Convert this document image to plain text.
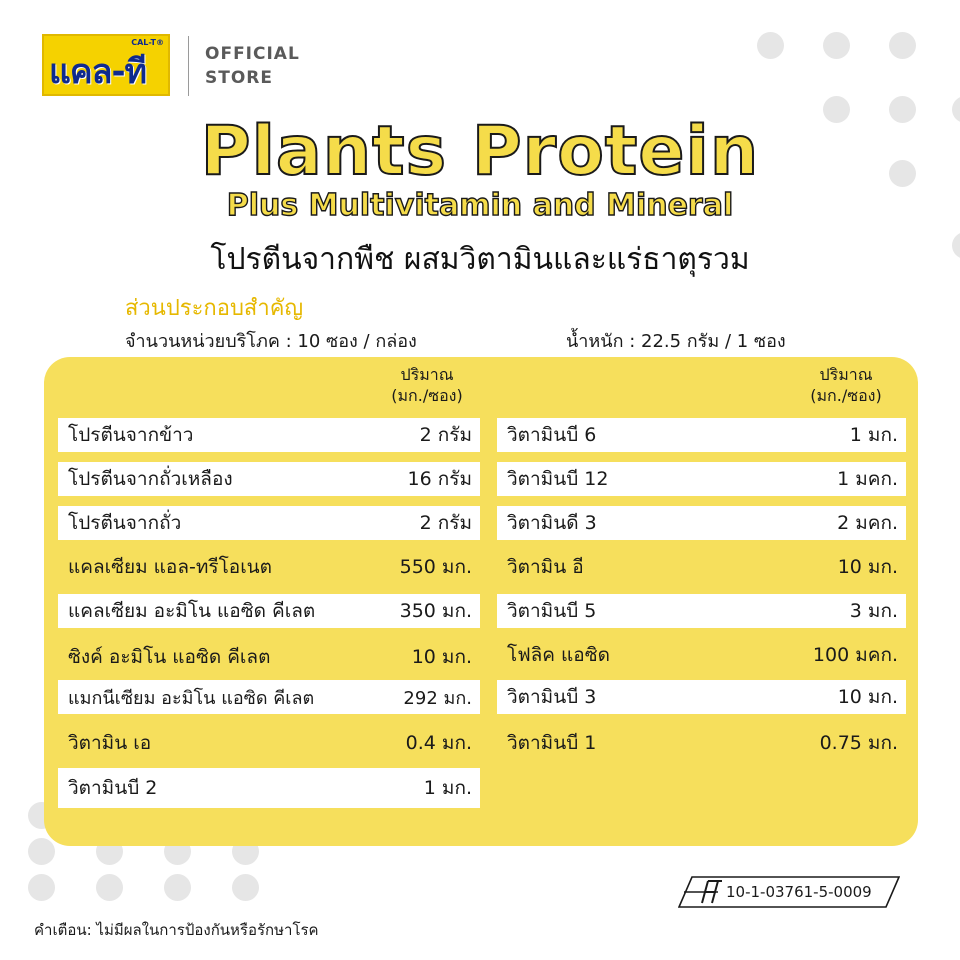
แคล-ที
CAL-T®
OFFICIAL
STORE
Plants Protein
Plus Multivitamin and Mineral
โปรตีนจากพืช ผสมวิตามินและแร่ธาตุรวม
ส่วนประกอบสำคัญ
จำนวนหน่วยบริโภค : 10 ซอง / กล่อง	น้ำหนัก : 22.5 กรัม / 1 ซอง
ปริมาณ
(มก./ซอง)
ปริมาณ
(มก./ซอง)
โปรตีนจากข้าว	2 กรัม
โปรตีนจากถั่วเหลือง	16 กรัม
โปรตีนจากถั่ว	2 กรัม
แคลเซียม แอล-ทรีโอเนต	550 มก.
แคลเซียม อะมิโน แอซิด คีเลต	350 มก.
ซิงค์ อะมิโน แอซิด คีเลต	10 มก.
แมกนีเซียม อะมิโน แอซิด คีเลต	292 มก.
วิตามิน เอ	0.4 มก.
วิตามินบี 2	1 มก.
วิตามินบี 6	1 มก.
วิตามินบี 12	1 มคก.
วิตามินดี 3	2 มคก.
วิตามิน อี	10 มก.
วิตามินบี 5	3 มก.
โฟลิค แอซิด	100 มคก.
วิตามินบี 3	10 มก.
วิตามินบี 1	0.75 มก.
10-1-03761-5-0009
คำเตือน: ไม่มีผลในการป้องกันหรือรักษาโรค
